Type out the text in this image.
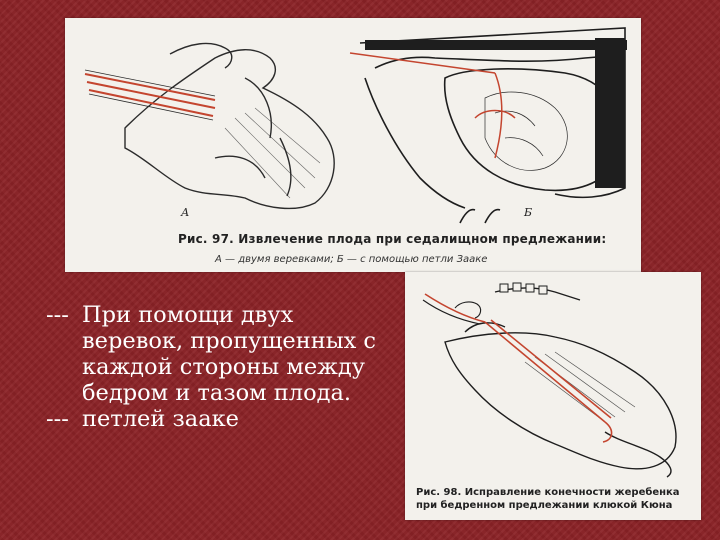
А	Б
Рис. 97. Извлечение плода при седалищном предлежании:
А — двумя веревками; Б — с помощью петли Зааке
Рис. 98. Исправление конечности жеребенка при бедренном предлежании клюкой Кюна
--- При помощи двух веревок, пропущенных с каждой стороны между бедром и тазом плода.
--- петлей зааке
